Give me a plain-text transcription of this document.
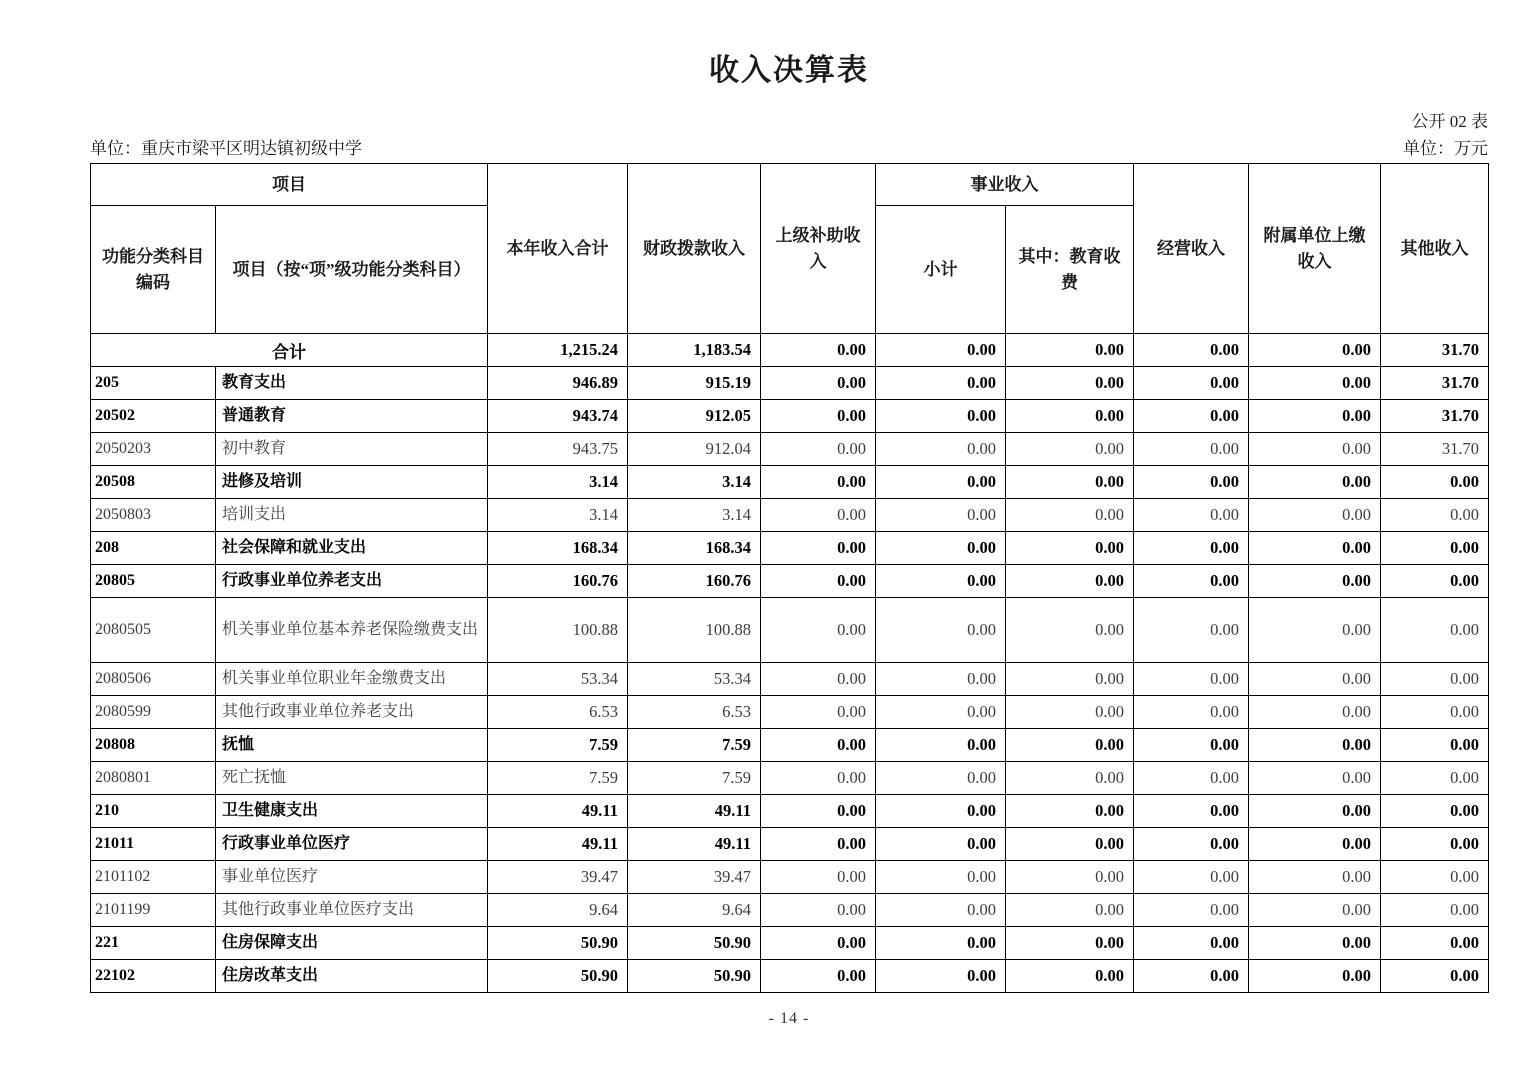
收入决算表
公开 02 表
单位：重庆市梁平区明达镇初级中学	单位：万元
项目		本年收入合计	财政拨款收入	上级补助收入	事业收入		经营收入	附属单位上缴收入	其他收入
功能分类科目编码	项目（按“项”级功能分类科目）				小计	其中：教育收费			
合计		1,215.24	1,183.54	0.00	0.00	0.00	0.00	0.00	31.70
205	教育支出	946.89	915.19	0.00	0.00	0.00	0.00	0.00	31.70
20502	普通教育	943.74	912.05	0.00	0.00	0.00	0.00	0.00	31.70
2050203	初中教育	943.75	912.04	0.00	0.00	0.00	0.00	0.00	31.70
20508	进修及培训	3.14	3.14	0.00	0.00	0.00	0.00	0.00	0.00
2050803	培训支出	3.14	3.14	0.00	0.00	0.00	0.00	0.00	0.00
208	社会保障和就业支出	168.34	168.34	0.00	0.00	0.00	0.00	0.00	0.00
20805	行政事业单位养老支出	160.76	160.76	0.00	0.00	0.00	0.00	0.00	0.00
2080505	机关事业单位基本养老保险缴费支出	100.88	100.88	0.00	0.00	0.00	0.00	0.00	0.00
2080506	机关事业单位职业年金缴费支出	53.34	53.34	0.00	0.00	0.00	0.00	0.00	0.00
2080599	其他行政事业单位养老支出	6.53	6.53	0.00	0.00	0.00	0.00	0.00	0.00
20808	抚恤	7.59	7.59	0.00	0.00	0.00	0.00	0.00	0.00
2080801	死亡抚恤	7.59	7.59	0.00	0.00	0.00	0.00	0.00	0.00
210	卫生健康支出	49.11	49.11	0.00	0.00	0.00	0.00	0.00	0.00
21011	行政事业单位医疗	49.11	49.11	0.00	0.00	0.00	0.00	0.00	0.00
2101102	事业单位医疗	39.47	39.47	0.00	0.00	0.00	0.00	0.00	0.00
2101199	其他行政事业单位医疗支出	9.64	9.64	0.00	0.00	0.00	0.00	0.00	0.00
221	住房保障支出	50.90	50.90	0.00	0.00	0.00	0.00	0.00	0.00
22102	住房改革支出	50.90	50.90	0.00	0.00	0.00	0.00	0.00	0.00
- 14 -
